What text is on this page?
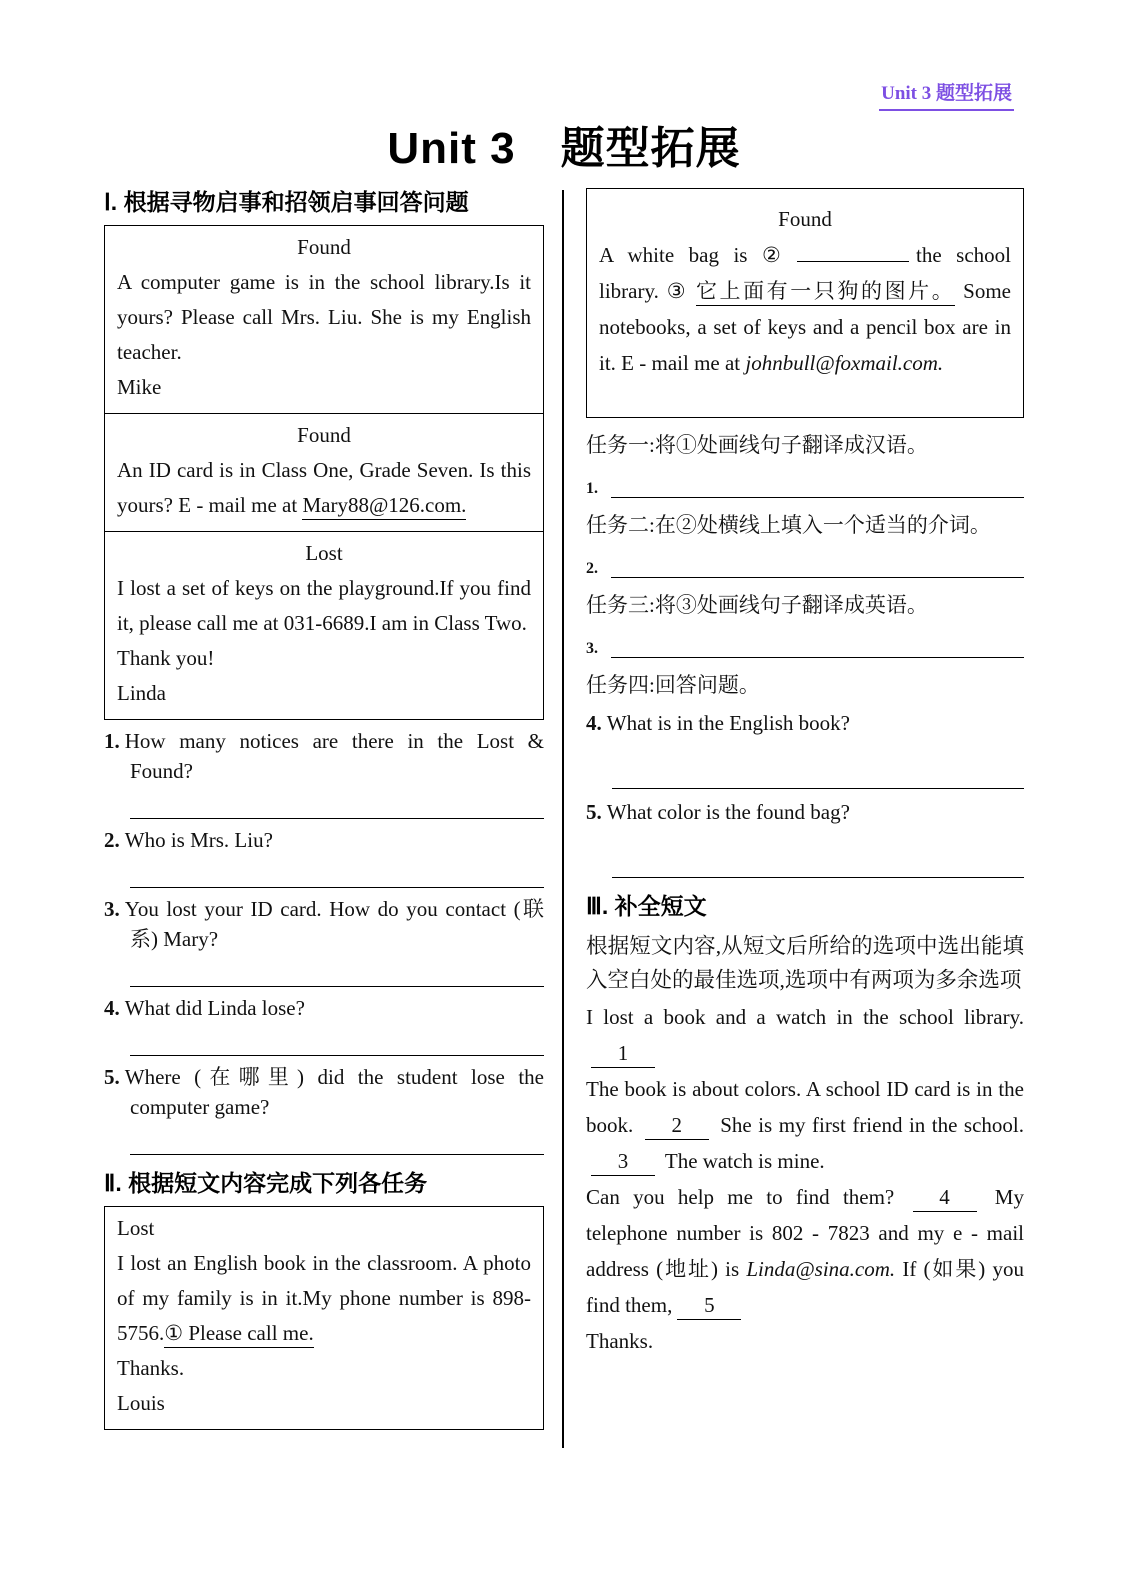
Unit 3 题型拓展
Unit 3　题型拓展
Ⅰ. 根据寻物启事和招领启事回答问题
Found

A computer game is in the school library.Is it yours? Please call Mrs. Liu. She is my English teacher.

Mike
Found

An ID card is in Class One, Grade Seven. Is this yours? E - mail me at Mary88@126.com.

Lost

I lost a set of keys on the playground.If you find it, please call me at 031-6689.I am in Class Two.

Thank you!
Linda
1. How many notices are there in the Lost & Found?
2. Who is Mrs. Liu?
3. You lost your ID card. How do you contact (联系) Mary?
4. What did Linda lose?
5. Where (在哪里) did the student lose the computer game?
Ⅱ. 根据短文内容完成下列各任务
Lost

I lost an English book in the classroom. A photo of my family is in it.My phone number is 898-5756.① Please call me.

Thanks.
Louis
Found

A white bag is ②	the school library. ③ 它上面有一只狗的图片。 Some notebooks, a set of keys and a pencil box are in it. E - mail me at johnbull@foxmail.com.

任务一:将①处画线句子翻译成汉语。
1.
任务二:在②处横线上填入一个适当的介词。
2.
任务三:将③处画线句子翻译成英语。
3.
任务四:回答问题。
4. What is in the English book?
5. What color is the found bag?
Ⅲ. 补全短文

根据短文内容,从短文后所给的选项中选出能填入空白处的最佳选项,选项中有两项为多余选项

I lost a book and a watch in the school library. 1

The book is about colors. A school ID card is in the book. 2 She is my first friend in the school. 3 The watch is mine.

Can you help me to find them? 4 My telephone number is 802 - 7823 and my e - mail address (地址) is Linda@sina.com. If (如果) you find them, 5

Thanks.
